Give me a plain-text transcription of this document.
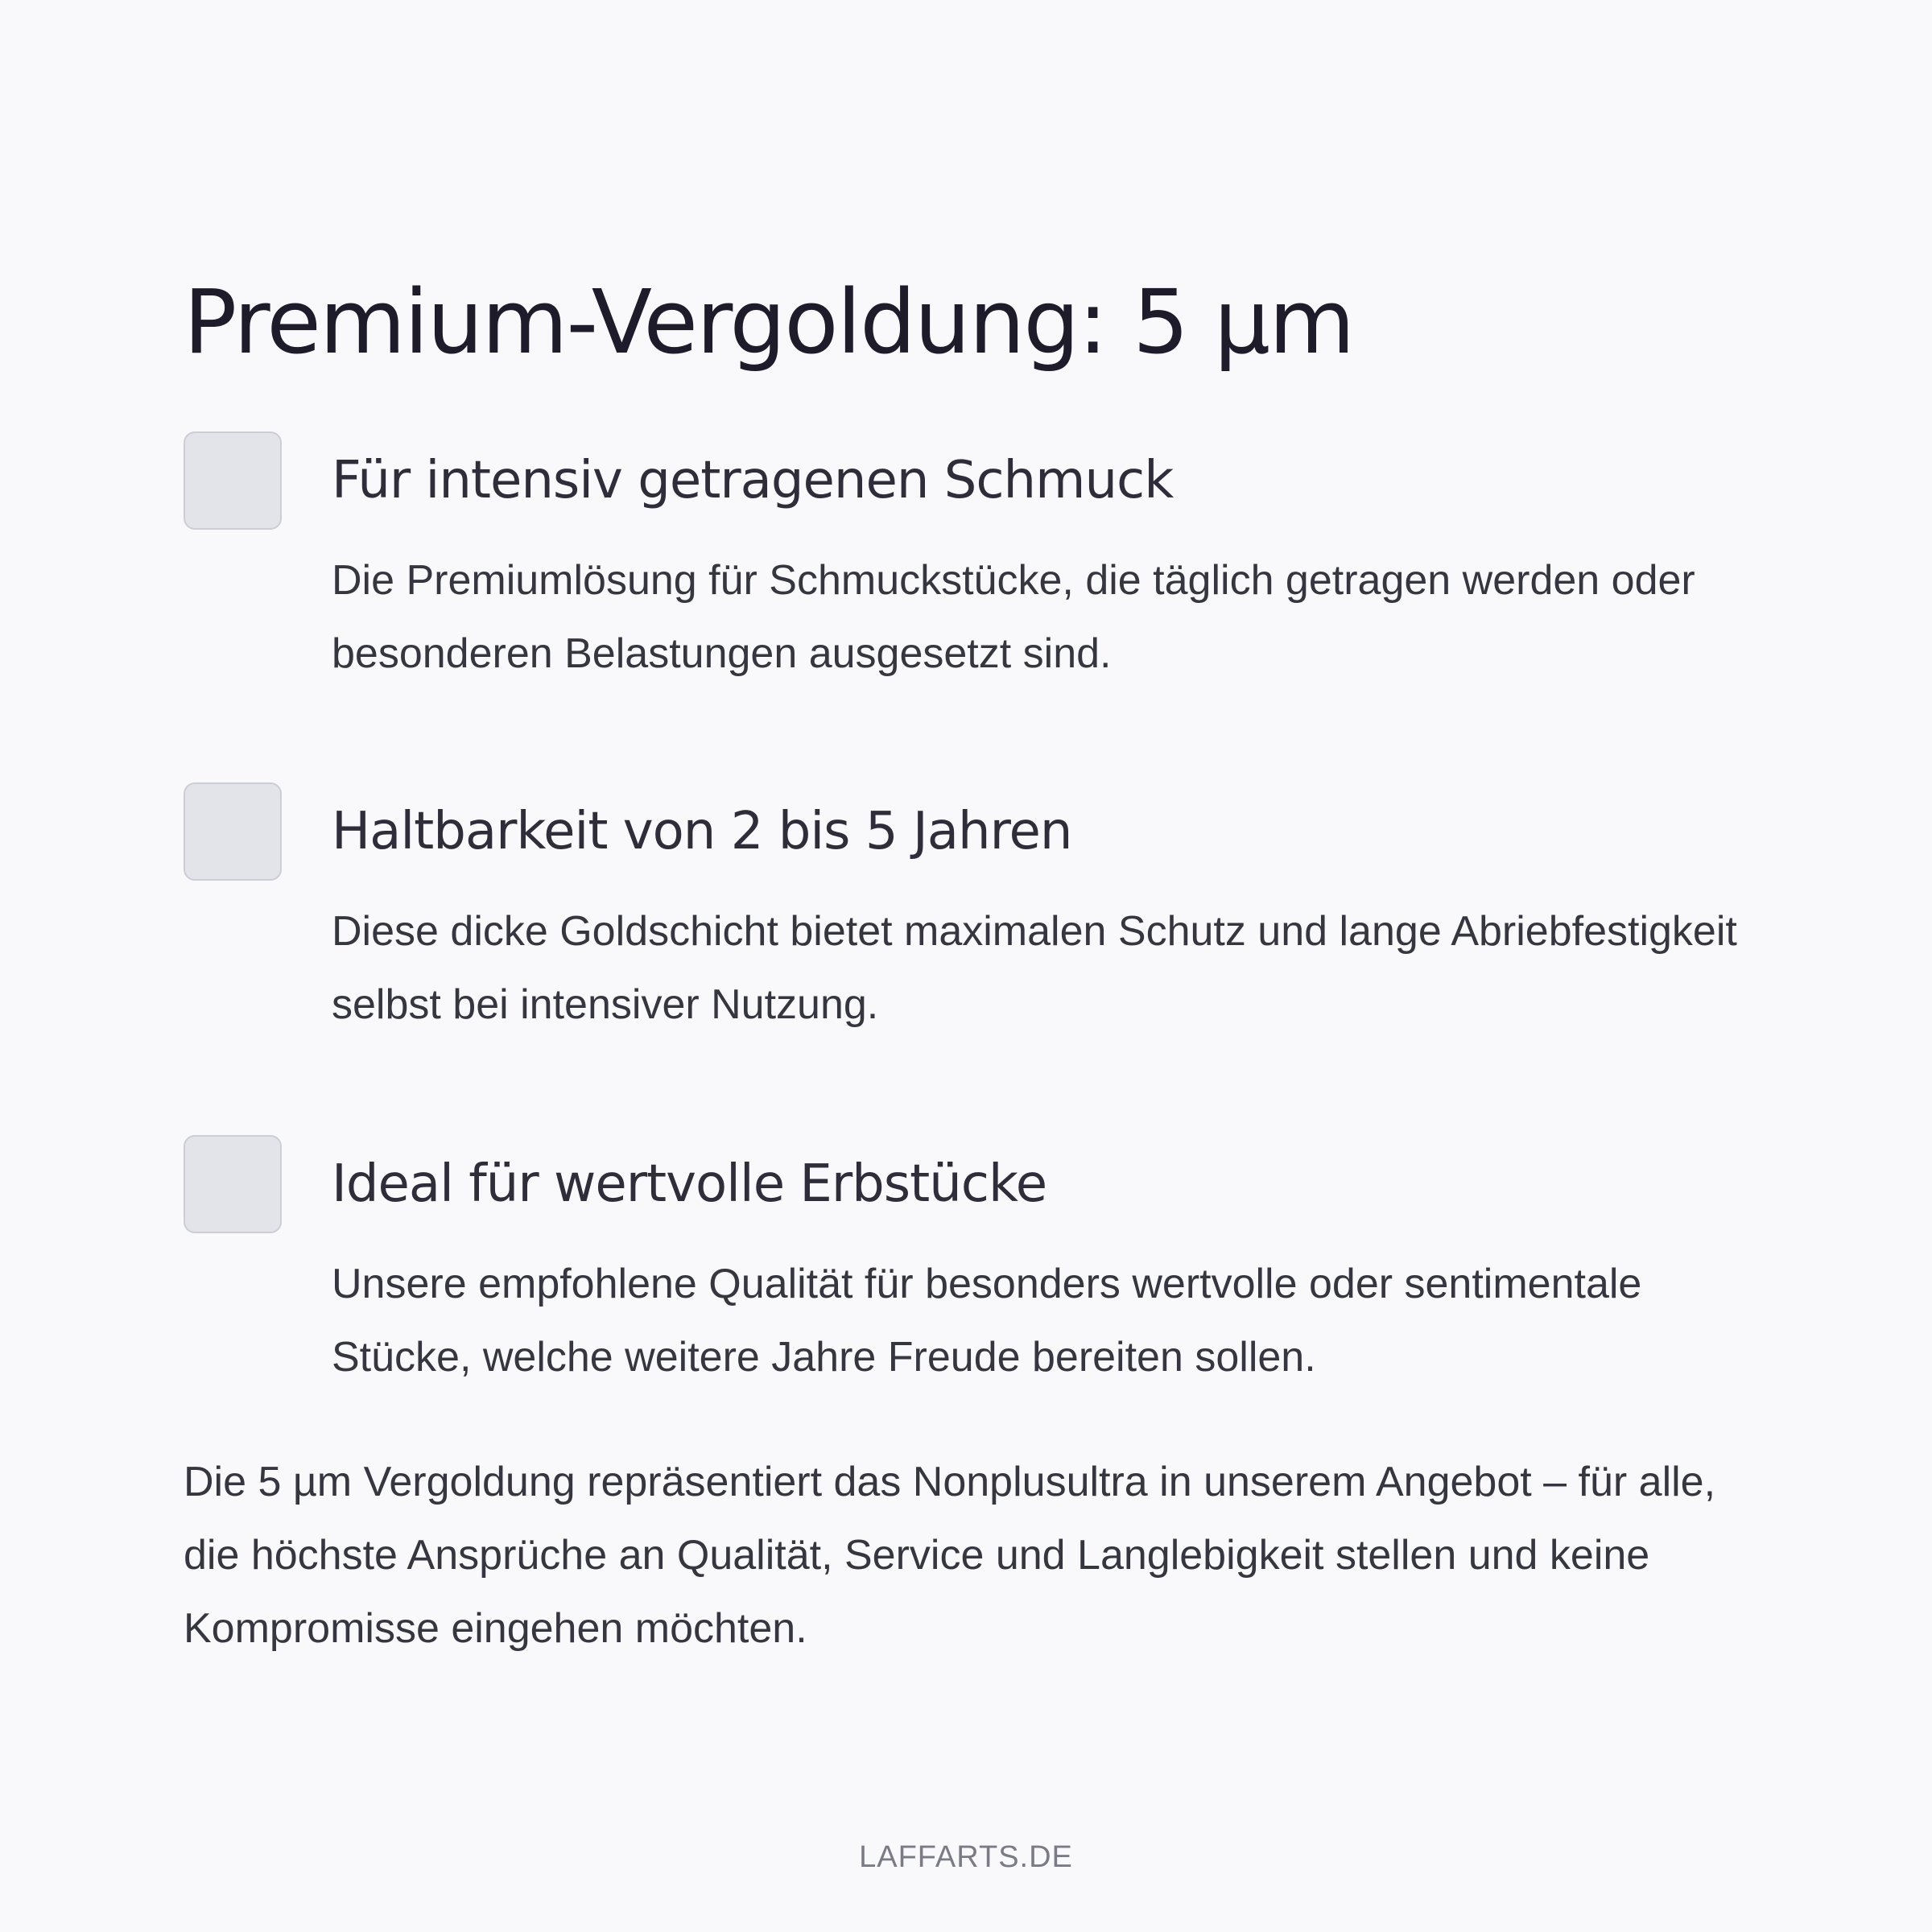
Premium-Vergoldung: 5 µm
Für intensiv getragenen Schmuck

Die Premiumlösung für Schmuckstücke, die täglich getragen werden oder besonderen Belastungen ausgesetzt sind.

Haltbarkeit von 2 bis 5 Jahren

Diese dicke Goldschicht bietet maximalen Schutz und lange Abriebfestigkeit selbst bei intensiver Nutzung.

Ideal für wertvolle Erbstücke

Unsere empfohlene Qualität für besonders wertvolle oder sentimentale Stücke, welche weitere Jahre Freude bereiten sollen.

Die 5 µm Vergoldung repräsentiert das Nonplusultra in unserem Angebot – für alle, die höchste Ansprüche an Qualität, Service und Langlebigkeit stellen und keine Kompromisse eingehen möchten.

LAFFARTS.DE
